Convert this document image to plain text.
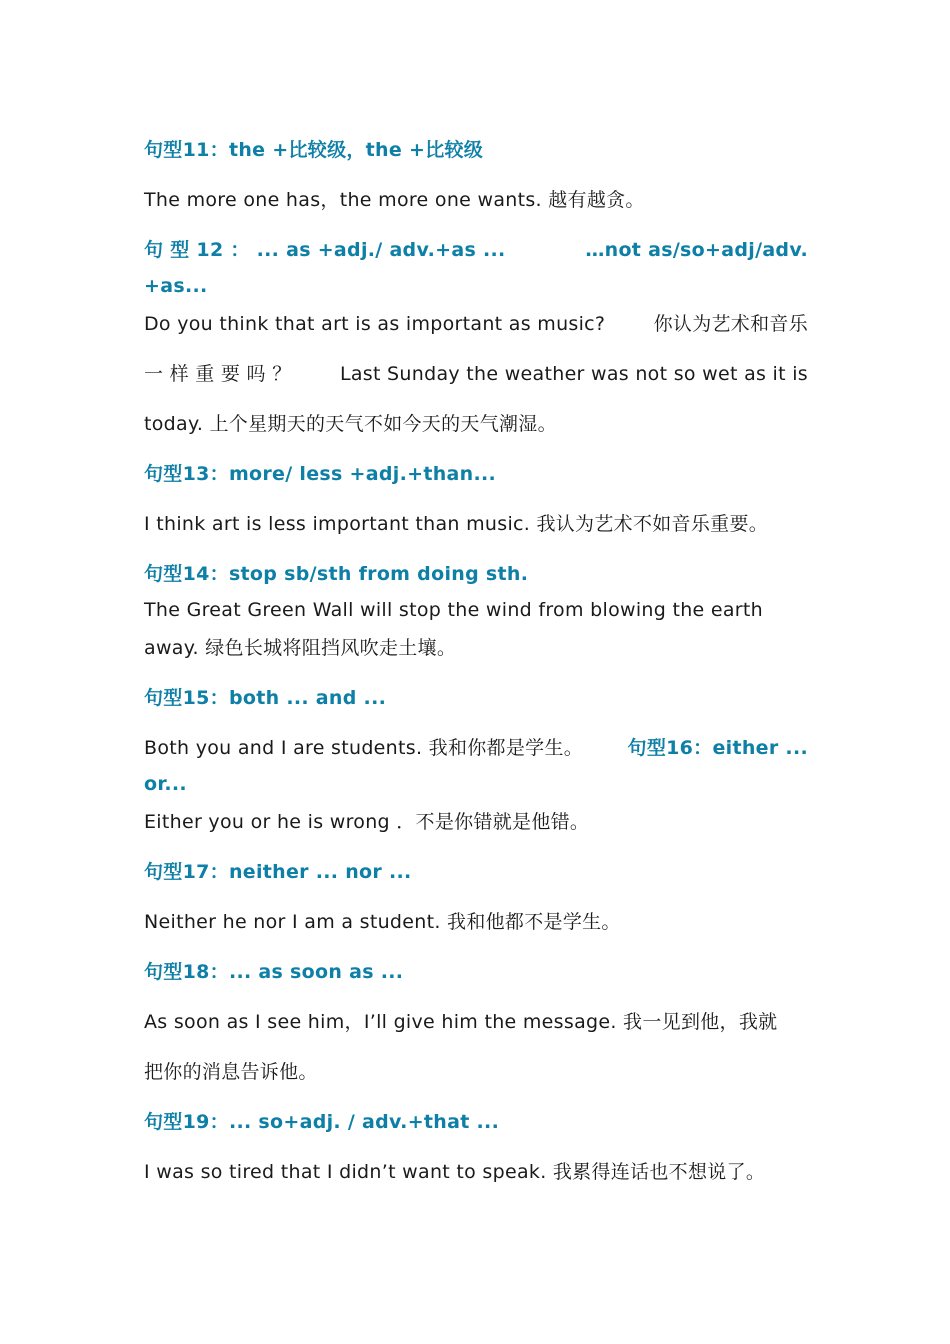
句型11：the +比较级，the +比较级
The more one has，the more one wants. 越有越贪。
句 型 12 ： ... as +adj./ adv.+as ...	…not as/so+adj/adv.
+as...
Do you think that art is as important as music?	你认为艺术和音乐
一 样 重 要 吗 ？	Last Sunday the weather was not so wet as it is
today. 上个星期天的天气不如今天的天气潮湿。
句型13：more/ less +adj.+than...
I think art is less important than music. 我认为艺术不如音乐重要。
句型14：stop sb/sth from doing sth.
The Great Green Wall will stop the wind from blowing the earth
away. 绿色长城将阻挡风吹走土壤。
句型15：both ... and ...
Both you and I are students. 我和你都是学生。 句型16：either ...
or...
Either you or he is wrong ．不是你错就是他错。
句型17：neither ... nor ...
Neither he nor I am a student. 我和他都不是学生。
句型18：... as soon as ...
As soon as I see him，I’ll give him the message. 我一见到他，我就
把你的消息告诉他。
句型19：... so+adj. / adv.+that ...
I was so tired that I didn’t want to speak. 我累得连话也不想说了。
